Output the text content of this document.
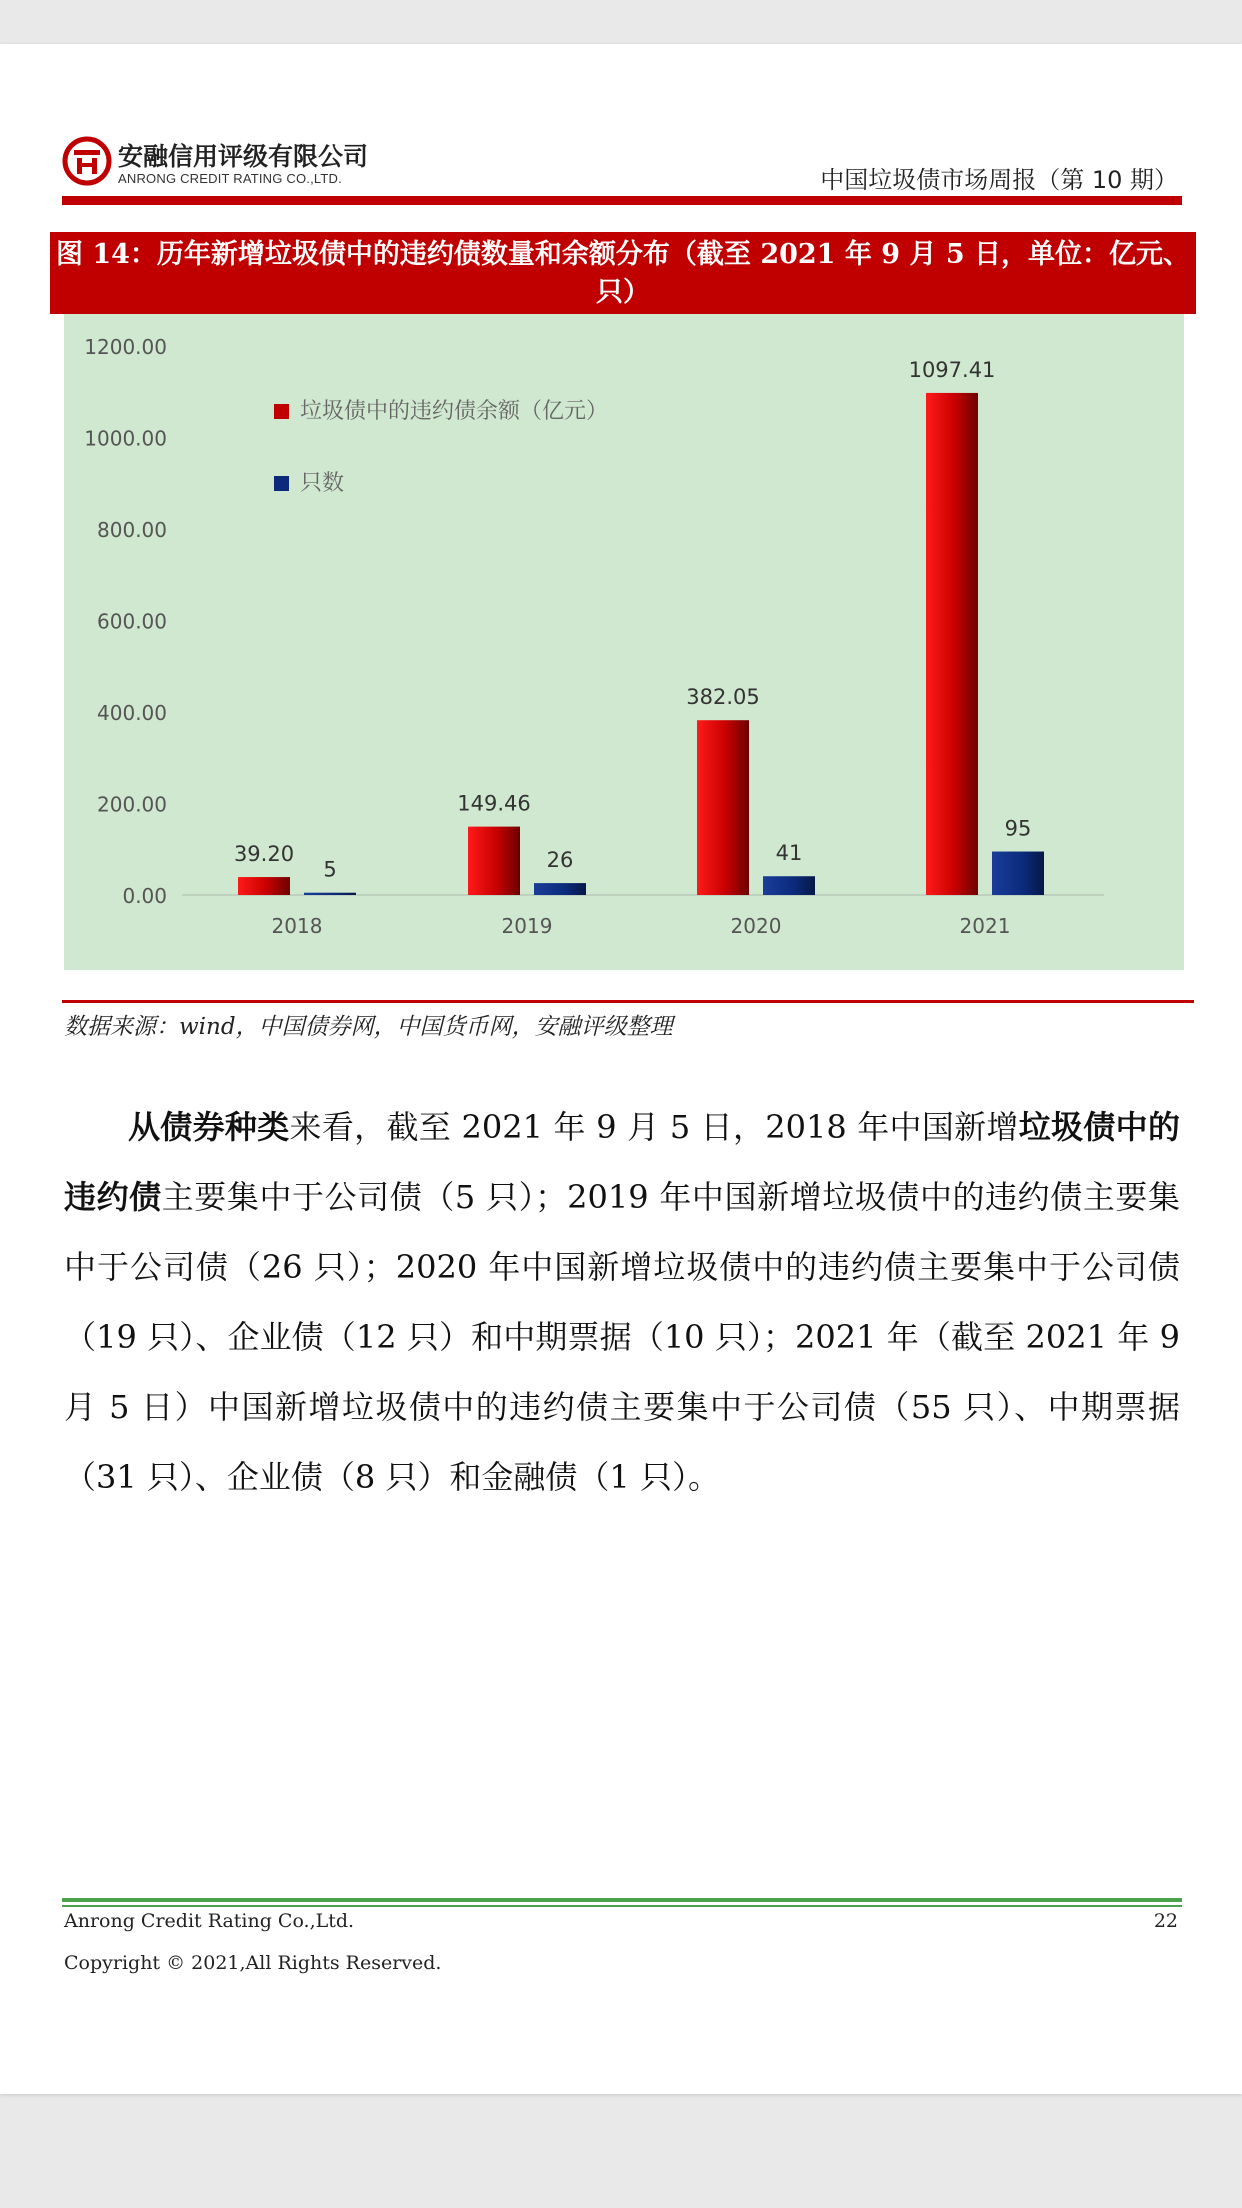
安融信用评级有限公司
ANRONG CREDIT RATING CO.,LTD.	中国垃圾债市场周报（第 10 期）
图 14：历年新增垃圾债中的违约债数量和余额分布（截至 2021 年 9 月 5 日，单位：亿元、只）
0.00
200.00
400.00
600.00
800.00
1000.00
1200.00
39.20
5
149.46
26
382.05
41
1097.41
95
2018	2019	2020	2021
垃圾债中的违约债余额（亿元）
只数
数据来源：wind，中国债券网，中国货币网，安融评级整理

从债券种类来看，截至 2021 年 9 月 5 日，2018 年中国新增垃圾债中的违约债主要集中于公司债（5 只）；2019 年中国新增垃圾债中的违约债主要集中于公司债（26 只）；2020 年中国新增垃圾债中的违约债主要集中于公司债（19 只）、企业债（12 只）和中期票据（10 只）；2021 年（截至 2021 年 9 月 5 日）中国新增垃圾债中的违约债主要集中于公司债（55 只）、中期票据（31 只）、企业债（8 只）和金融债（1 只）。

Anrong Credit Rating Co.,Ltd.	22
Copyright © 2021,All Rights Reserved.
